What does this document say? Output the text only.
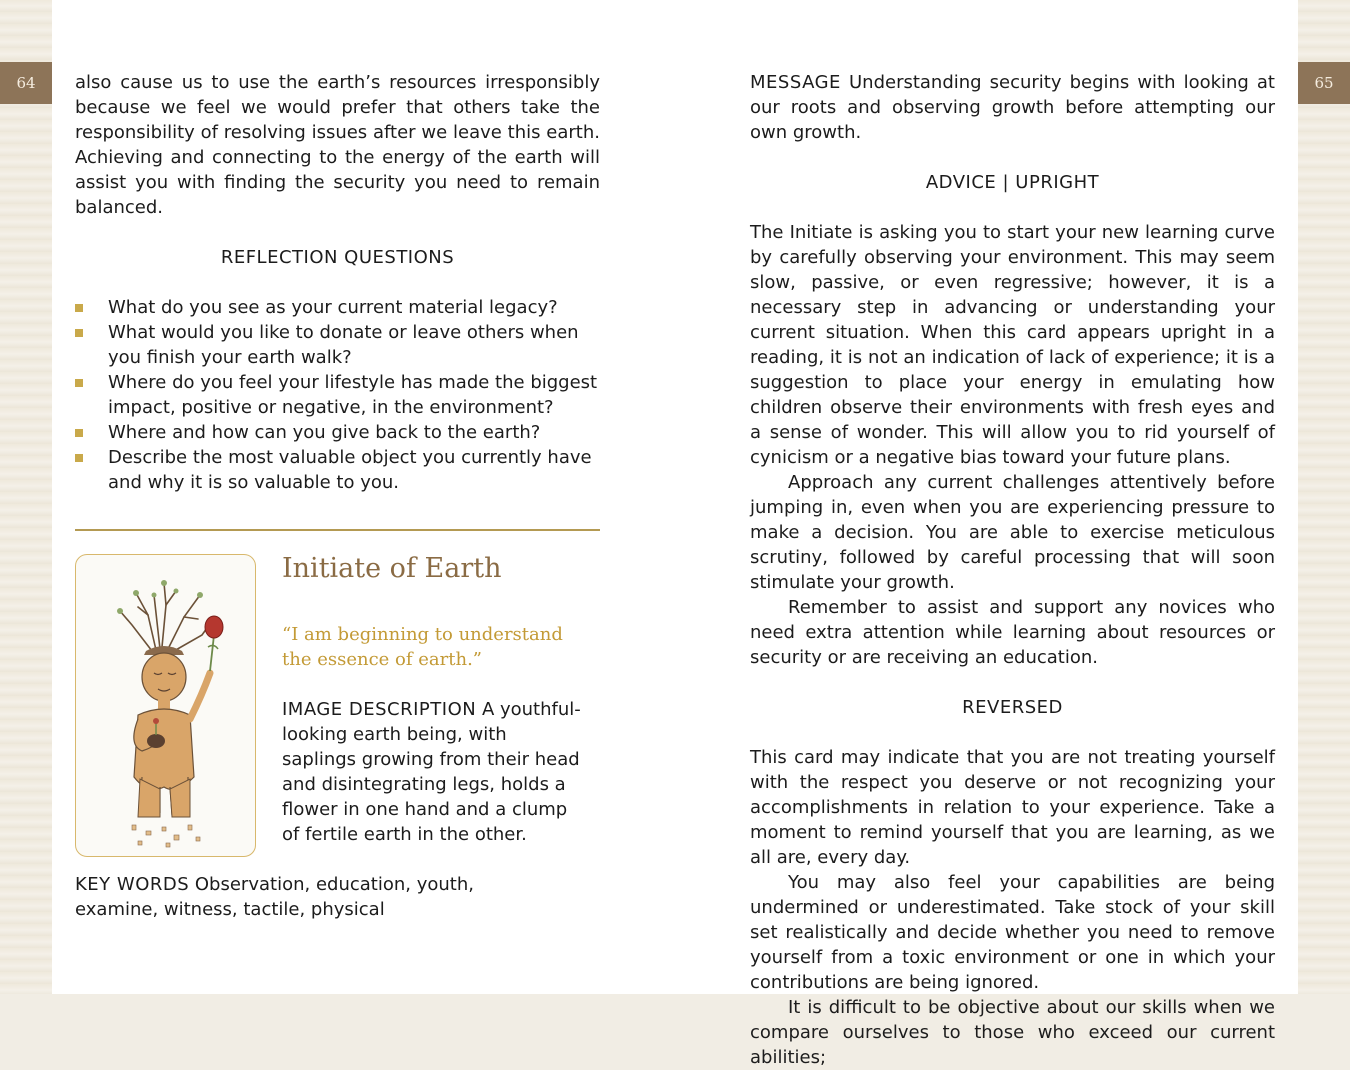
64	65

also cause us to use the earth’s resources irresponsibly because we feel we would prefer that others take the responsibility of resolving issues after we leave this earth. Achieving and connecting to the energy of the earth will assist you with finding the security you need to remain balanced.

REFLECTION QUESTIONS
What do you see as your current material legacy?
What would you like to donate or leave others when you finish your earth walk?
Where do you feel your lifestyle has made the biggest impact, positive or negative, in the environment?
Where and how can you give back to the earth?
Describe the most valuable object you currently have and why it is so valuable to you.
Initiate of Earth

“I am beginning to understand the essence of earth.”

IMAGE DESCRIPTION A youthful-looking earth being, with saplings growing from their head and disintegrating legs, holds a flower in one hand and a clump of fertile earth in the other.

KEY WORDS Observation, education, youth, examine, witness, tactile, physical

MESSAGE Understanding security begins with looking at our roots and observing growth before attempting our own growth.

ADVICE | UPRIGHT

The Initiate is asking you to start your new learning curve by carefully observing your environment. This may seem slow, passive, or even regressive; however, it is a necessary step in advancing or understanding your current situation. When this card appears upright in a reading, it is not an indication of lack of experience; it is a suggestion to place your energy in emulating how children observe their environments with fresh eyes and a sense of wonder. This will allow you to rid yourself of cynicism or a negative bias toward your future plans.

Approach any current challenges attentively before jumping in, even when you are experiencing pressure to make a decision. You are able to exercise meticulous scrutiny, followed by careful processing that will soon stimulate your growth.

Remember to assist and support any novices who need extra attention while learning about resources or security or are receiving an education.

REVERSED

This card may indicate that you are not treating yourself with the respect you deserve or not recognizing your accomplishments in relation to your experience. Take a moment to remind yourself that you are learning, as we all are, every day.

You may also feel your capabilities are being undermined or underestimated. Take stock of your skill set realistically and decide whether you need to remove yourself from a toxic environment or one in which your contributions are being ignored.

It is difficult to be objective about our skills when we compare ourselves to those who exceed our current abilities;
